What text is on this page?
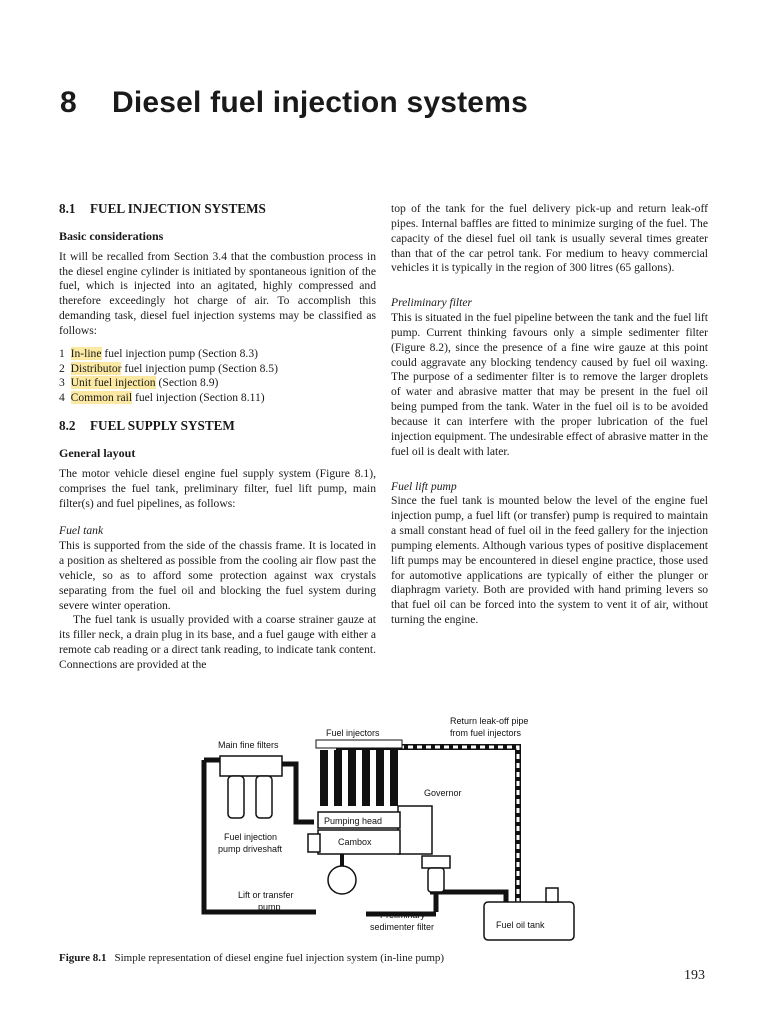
8 Diesel fuel injection systems
8.1 FUEL INJECTION SYSTEMS
Basic considerations

It will be recalled from Section 3.4 that the combustion process in the diesel engine cylinder is initiated by spontaneous ignition of the fuel, which is injected into an agitated, highly compressed and therefore exceedingly hot charge of air. To accomplish this demanding task, diesel fuel injection systems may be classified as follows:

1 In-line fuel injection pump (Section 8.3)
2 Distributor fuel injection pump (Section 8.5)
3 Unit fuel injection (Section 8.9)
4 Common rail fuel injection (Section 8.11)
8.2 FUEL SUPPLY SYSTEM
General layout

The motor vehicle diesel engine fuel supply system (Figure 8.1), comprises the fuel tank, preliminary filter, fuel lift pump, main filter(s) and fuel pipelines, as follows:

Fuel tank

This is supported from the side of the chassis frame. It is located in a position as sheltered as possible from the cooling air flow past the vehicle, so as to afford some protection against wax crystals separating from the fuel oil and blocking the fuel system during severe winter operation.

The fuel tank is usually provided with a coarse strainer gauze at its filler neck, a drain plug in its base, and a fuel gauge with either a remote cab reading or a direct tank reading, to indicate tank content. Connections are provided at the

top of the tank for the fuel delivery pick-up and return leak-off pipes. Internal baffles are fitted to minimize surging of the fuel. The capacity of the diesel fuel oil tank is usually several times greater than that of the car petrol tank. For medium to heavy commercial vehicles it is typically in the region of 300 litres (65 gallons).

Preliminary filter

This is situated in the fuel pipeline between the tank and the fuel lift pump. Current thinking favours only a simple sedimenter filter (Figure 8.2), since the presence of a fine wire gauze at this point could aggravate any blocking tendency caused by fuel oil waxing. The purpose of a sedimenter filter is to remove the larger droplets of water and abrasive matter that may be present in the fuel oil being pumped from the tank. Water in the fuel oil is to be avoided because it can interfere with the proper lubrication of the fuel injection equipment. The undesirable effect of abrasive matter in the fuel oil is dealt with later.

Fuel lift pump

Since the fuel tank is mounted below the level of the engine fuel injection pump, a fuel lift (or transfer) pump is required to maintain a small constant head of fuel oil in the feed gallery for the injection pumping elements. Although various types of positive displacement lift pumps may be encountered in diesel engine practice, those used for automotive applications are typically of either the plunger or diaphragm variety. Both are provided with hand priming levers so that fuel oil can be forced into the system to vent it of air, without turning the engine.

Main fine filters
Fuel injectors
Return leak-off pipe
from fuel injectors
Governor
Pumping head
Cambox
Fuel injection
pump driveshaft
Lift or transfer
pump
Preliminary
sedimenter filter	Fuel oil tank
Figure 8.1 Simple representation of diesel engine fuel injection system (in-line pump)
193
